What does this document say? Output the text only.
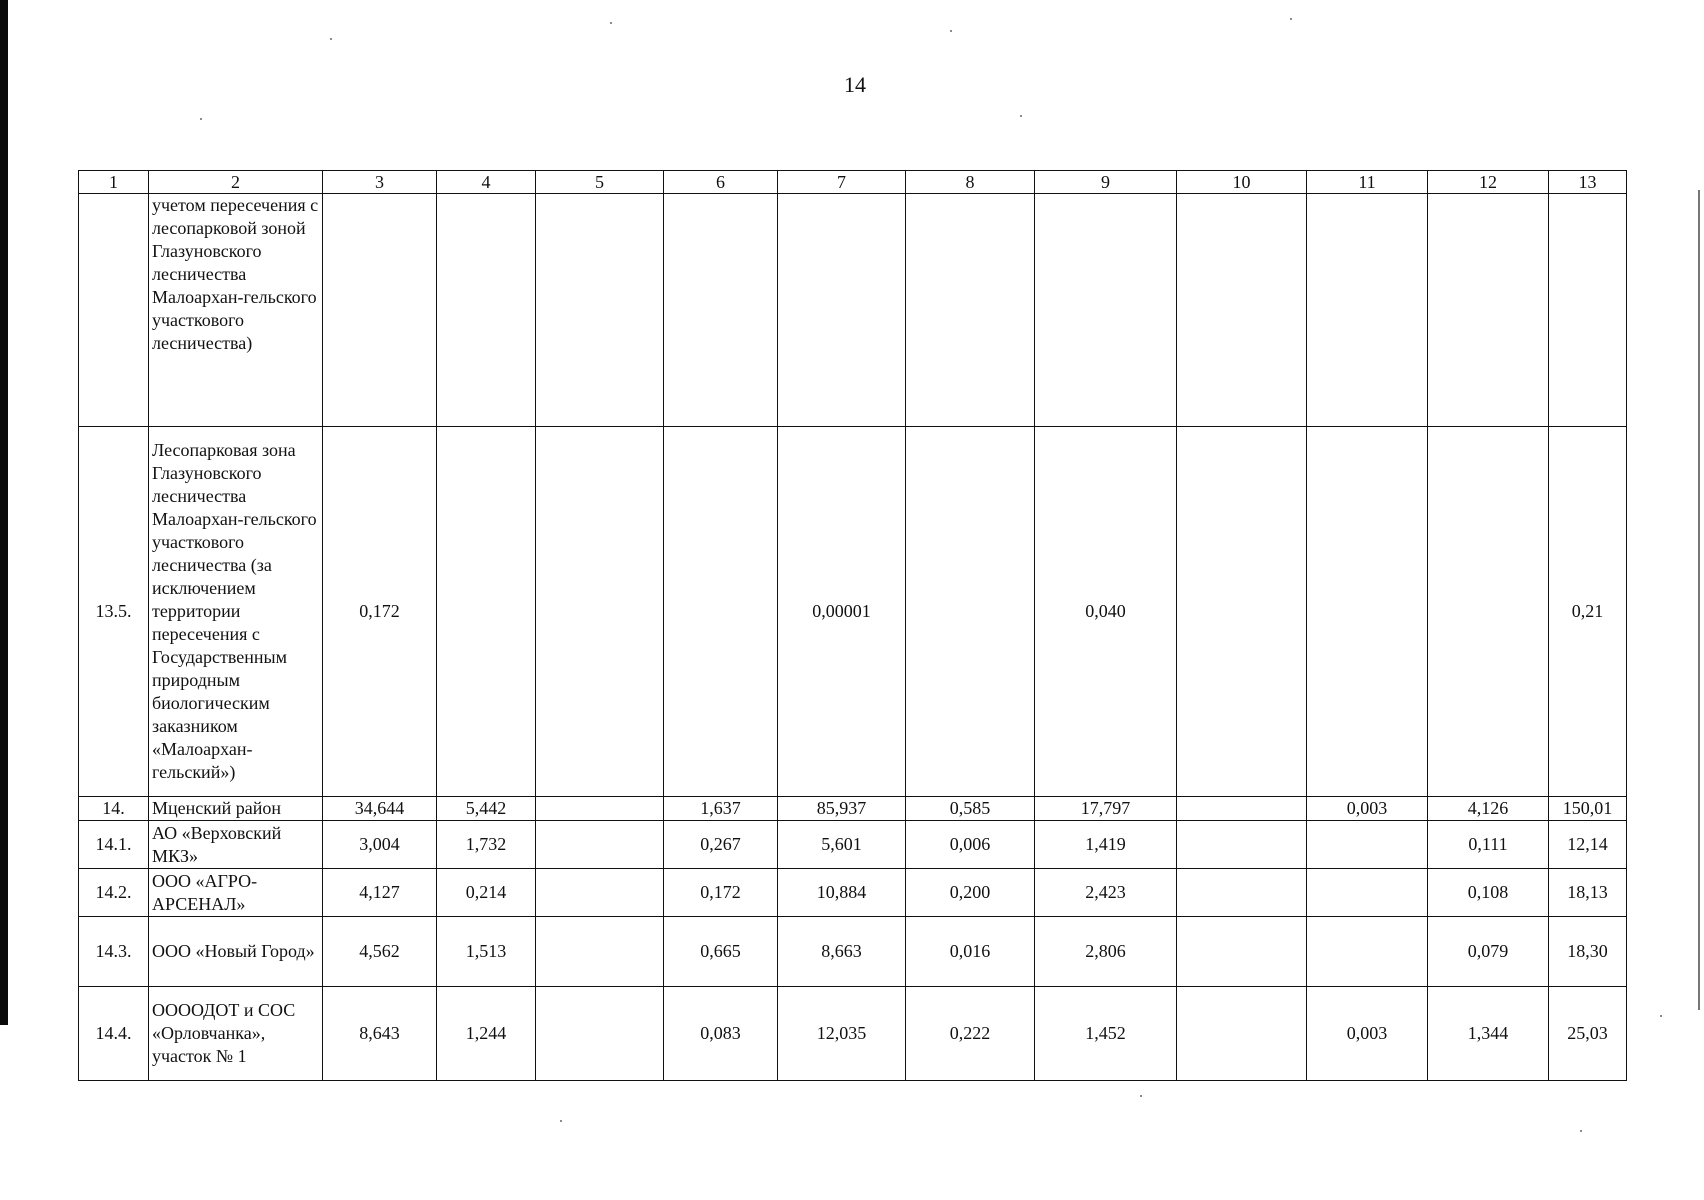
14
1	2	3	4	5	6	7	8	9	10	11	12	13
	учетом пересечения с лесопарковой зоной Глазуновского лесничества Малоархан-гельского участкового лесничества)											
13.5.	Лесопарковая зона Глазуновского лесничества Малоархан-гельского участкового лесничества (за исключением территории пересечения с Государственным природным биологическим заказником «Малоархан-гельский»)	0,172				0,00001		0,040				0,21
14.	Мценский район	34,644	5,442		1,637	85,937	0,585	17,797		0,003	4,126	150,01
14.1.	АО «Верховский МКЗ»	3,004	1,732		0,267	5,601	0,006	1,419			0,111	12,14
14.2.	ООО «АГРО-АРСЕНАЛ»	4,127	0,214		0,172	10,884	0,200	2,423			0,108	18,13
14.3.	ООО «Новый Город»	4,562	1,513		0,665	8,663	0,016	2,806			0,079	18,30
14.4.	ООООДОТ и СОС «Орловчанка», участок № 1	8,643	1,244		0,083	12,035	0,222	1,452		0,003	1,344	25,03
